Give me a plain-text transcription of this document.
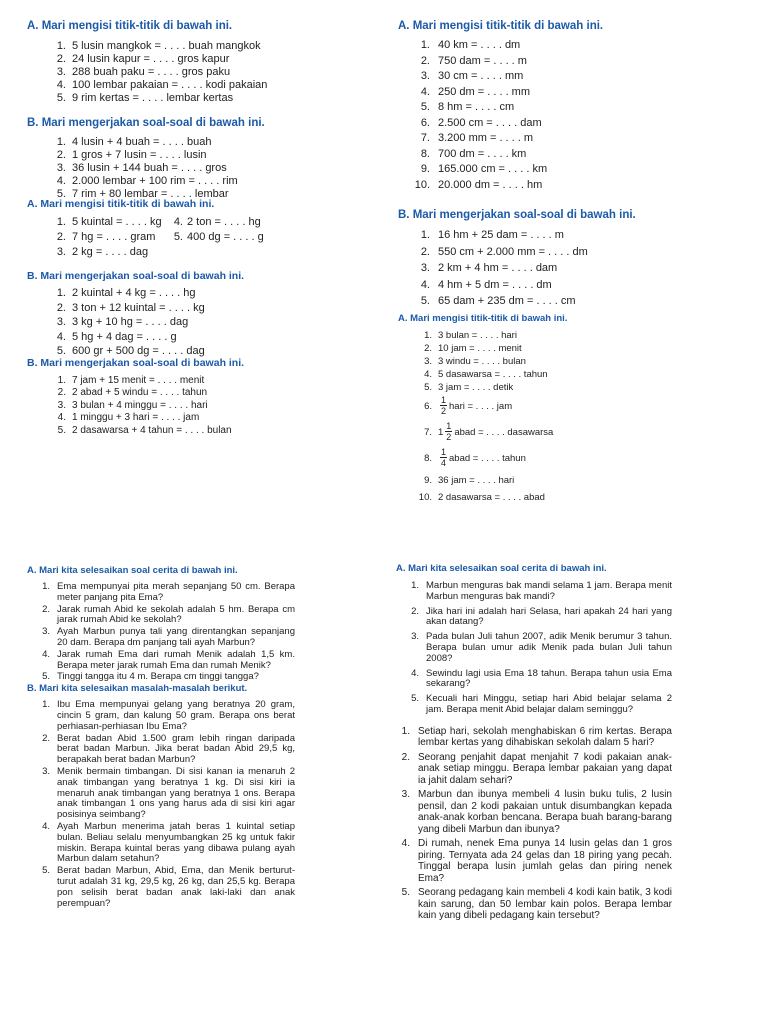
A. Mari mengisi titik-titik di bawah ini.

1. 5 lusin mangkok = . . . . buah mangkok
2. 24 lusin kapur = . . . . gros kapur
3. 288 buah paku = . . . . gros paku
4. 100 lembar pakaian = . . . . kodi pakaian
5. 9 rim kertas = . . . . lembar kertas

B. Mari mengerjakan soal-soal di bawah ini.

1. 4 lusin + 4 buah = . . . . buah
2. 1 gros + 7 lusin = . . . . lusin
3. 36 lusin + 144 buah = . . . . gros
4. 2.000 lembar + 100 rim = . . . . rim
5. 7 rim + 80 lembar = . . . . lembar

A. Mari mengisi titik-titik di bawah ini.

1. 5 kuintal = . . . . kg
2. 7 hg = . . . . gram
3. 2 kg = . . . . dag
4. 2 ton = . . . . hg
5. 400 dg = . . . . g

B. Mari mengerjakan soal-soal di bawah ini.

1. 2 kuintal + 4 kg = . . . . hg
2. 3 ton + 12 kuintal = . . . . kg
3. 3 kg + 10 hg = . . . . dag
4. 5 hg + 4 dag = . . . . g
5. 600 gr + 500 dg = . . . . dag

B. Mari mengerjakan soal-soal di bawah ini.

1. 7 jam + 15 menit = . . . . menit
2. 2 abad + 5 windu = . . . . tahun
3. 3 bulan + 4 minggu = . . . . hari
4. 1 minggu + 3 hari = . . . . jam
5. 2 dasawarsa + 4 tahun = . . . . bulan

A. Mari mengisi titik-titik di bawah ini.

1. 40 km = . . . . dm
2. 750 dam = . . . . m
3. 30 cm = . . . . mm
4. 250 dm = . . . . mm
5. 8 hm = . . . . cm
6. 2.500 cm = . . . . dam
7. 3.200 mm = . . . . m
8. 700 dm = . . . . km
9. 165.000 cm = . . . . km
10. 20.000 dm = . . . . hm

B. Mari mengerjakan soal-soal di bawah ini.

1. 16 hm + 25 dam = . . . . m
2. 550 cm + 2.000 mm = . . . . dm
3. 2 km + 4 hm = . . . . dam
4. 4 hm + 5 dm = . . . . dm
5. 65 dam + 235 dm = . . . . cm

A. Mari mengisi titik-titik di bawah ini.

1. 3 bulan = . . . . hari
2. 10 jam = . . . . menit
3. 3 windu = . . . . bulan
4. 5 dasawarsa = . . . . tahun
5. 3 jam = . . . . detik
6. $\frac{1}{2}$ hari = . . . . jam
7. $1 \frac{1}{2}$ abad = . . . . dasawarsa
8. $\frac{1}{4}$ abad = . . . . tahun
9. 36 jam = . . . . hari
10. 2 dasawarsa = . . . . abad

A. Mari kita selesaikan soal cerita di bawah ini.

1. Ema mempunyai pita merah sepanjang 50 cm. Berapa meter panjang pita Ema?
2. Jarak rumah Abid ke sekolah adalah 5 hm. Berapa cm jarak rumah Abid ke sekolah?
3. Ayah Marbun punya tali yang direntangkan sepanjang 20 dam. Berapa dm panjang tali ayah Marbun?
4. Jarak rumah Ema dari rumah Menik adalah 1,5 km. Berapa meter jarak rumah Ema dan rumah Menik?
5. Tinggi tangga itu 4 m. Berapa cm tinggi tangga?

B. Mari kita selesaikan masalah-masalah berikut.

1. Ibu Ema mempunyai gelang yang beratnya 20 gram, cincin 5 gram, dan kalung 50 gram. Berapa ons berat perhiasan-perhiasan Ibu Ema?
2. Berat badan Abid 1.500 gram lebih ringan daripada berat badan Marbun. Jika berat badan Abid 29,5 kg, berapakah berat badan Marbun?
3. Menik bermain timbangan. Di sisi kanan ia menaruh 2 anak timbangan yang beratnya 1 kg. Di sisi kiri ia menaruh anak timbangan yang beratnya 1 ons. Berapa anak timbangan 1 ons yang harus ada di sisi kiri agar posisinya seimbang?
4. Ayah Marbun menerima jatah beras 1 kuintal setiap bulan. Beliau selalu menyumbangkan 25 kg untuk fakir miskin. Berapa kuintal beras yang dibawa pulang ayah Marbun dalam setahun?
5. Berat badan Marbun, Abid, Ema, dan Menik berturut-turut adalah 31 kg, 29,5 kg, 26 kg, dan 25,5 kg. Berapa pon selisih berat badan anak laki-laki dan anak perempuan?

A. Mari kita selesaikan soal cerita di bawah ini.

1. Marbun menguras bak mandi selama 1 jam. Berapa menit Marbun menguras bak mandi?
2. Jika hari ini adalah hari Selasa, hari apakah 24 hari yang akan datang?
3. Pada bulan Juli tahun 2007, adik Menik berumur 3 tahun. Berapa bulan umur adik Menik pada bulan Juli tahun 2008?
4. Sewindu lagi usia Ema 18 tahun. Berapa tahun usia Ema sekarang?
5. Kecuali hari Minggu, setiap hari Abid belajar selama 2 jam. Berapa menit Abid belajar dalam seminggu?
1. Setiap hari, sekolah menghabiskan 6 rim kertas. Berapa lembar kertas yang dihabiskan sekolah dalam 5 hari?
2. Seorang penjahit dapat menjahit 7 kodi pakaian anak-anak setiap minggu. Berapa lembar pakaian yang dapat ia jahit dalam sehari?
3. Marbun dan ibunya membeli 4 lusin buku tulis, 2 lusin pensil, dan 2 kodi pakaian untuk disumbangkan kepada anak-anak korban bencana. Berapa buah barang-barang yang dibeli Marbun dan ibunya?
4. Di rumah, nenek Ema punya 14 lusin gelas dan 1 gros piring. Ternyata ada 24 gelas dan 18 piring yang pecah. Tinggal berapa lusin jumlah gelas dan piring nenek Ema?
5. Seorang pedagang kain membeli 4 kodi kain batik, 3 kodi kain sarung, dan 50 lembar kain polos. Berapa lembar kain yang dibeli pedagang kain tersebut?
